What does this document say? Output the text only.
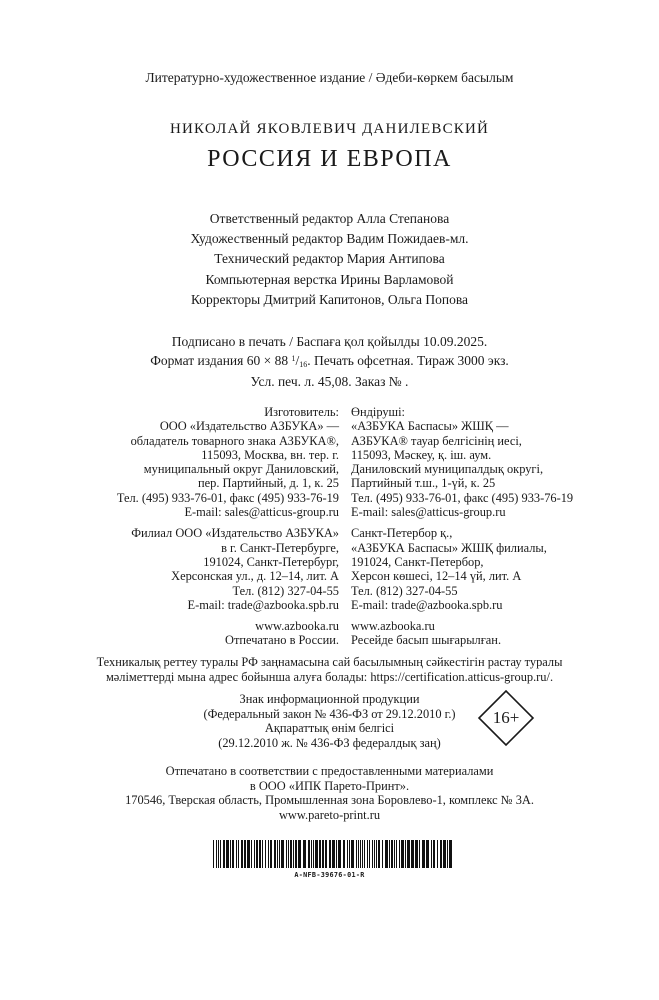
Литературно-художественное издание / Әдеби-көркем басылым
НИКОЛАЙ ЯКОВЛЕВИЧ ДАНИЛЕВСКИЙ
РОССИЯ И ЕВРОПА
Ответственный редактор Алла Степанова
Художественный редактор Вадим Пожидаев-мл.
Технический редактор Мария Антипова
Компьютерная верстка Ирины Варламовой
Корректоры Дмитрий Капитонов, Ольга Попова
Подписано в печать / Баспаға қол қойылды 10.09.2025.
Формат издания 60 × 88 $^1/_{16}$. Печать офсетная. Тираж 3000 экз.
Усл. печ. л. 45,08. Заказ № .
Изготовитель: Өндіруші:
ООО «Издательство АЗБУКА» — «АЗБУКА Баспасы» ЖШҚ —
обладатель товарного знака АЗБУКА®, АЗБУКА® тауар белгісінің иесі,
115093, Москва, вн. тер. г. 115093, Мәскеу, қ. іш. аум.
муниципальный округ Даниловский, Даниловский муниципалдық округі,
пер. Партийный, д. 1, к. 25 Партийный т.ш., 1-үй, к. 25
Тел. (495) 933-76-01, факс (495) 933-76-19 Тел. (495) 933-76-01, факс (495) 933-76-19
E-mail: sales@atticus-group.ru E-mail: sales@atticus-group.ru
Филиал ООО «Издательство АЗБУКА» Санкт-Петербор қ.,
в г. Санкт-Петербурге, «АЗБУКА Баспасы» ЖШҚ филиалы,
191024, Санкт-Петербург, 191024, Санкт-Петербор,
Херсонская ул., д. 12–14, лит. А Херсон көшесі, 12–14 үй, лит. А
Тел. (812) 327-04-55 Тел. (812) 327-04-55
E-mail: trade@azbooka.spb.ru E-mail: trade@azbooka.spb.ru
www.azbooka.ru www.azbooka.ru
Отпечатано в России. Ресейде басып шығарылған.
Техникалық реттеу туралы РФ заңнамасына сай басылымның сәйкестігін растау туралы
мәліметтерді мына адрес бойынша алуға болады: https://certification.atticus-group.ru/.
Знак информационной продукции
(Федеральный закон № 436-ФЗ от 29.12.2010 г.)
Ақпараттық өнім белгісі
(29.12.2010 ж. № 436-ФЗ федералдық заң)
16+
Отпечатано в соответствии с предоставленными материалами
в ООО «ИПК Парето-Принт».
170546, Тверская область, Промышленная зона Боровлево-1, комплекс № 3А.
www.pareto-print.ru
A-NFB-39676-01-R
